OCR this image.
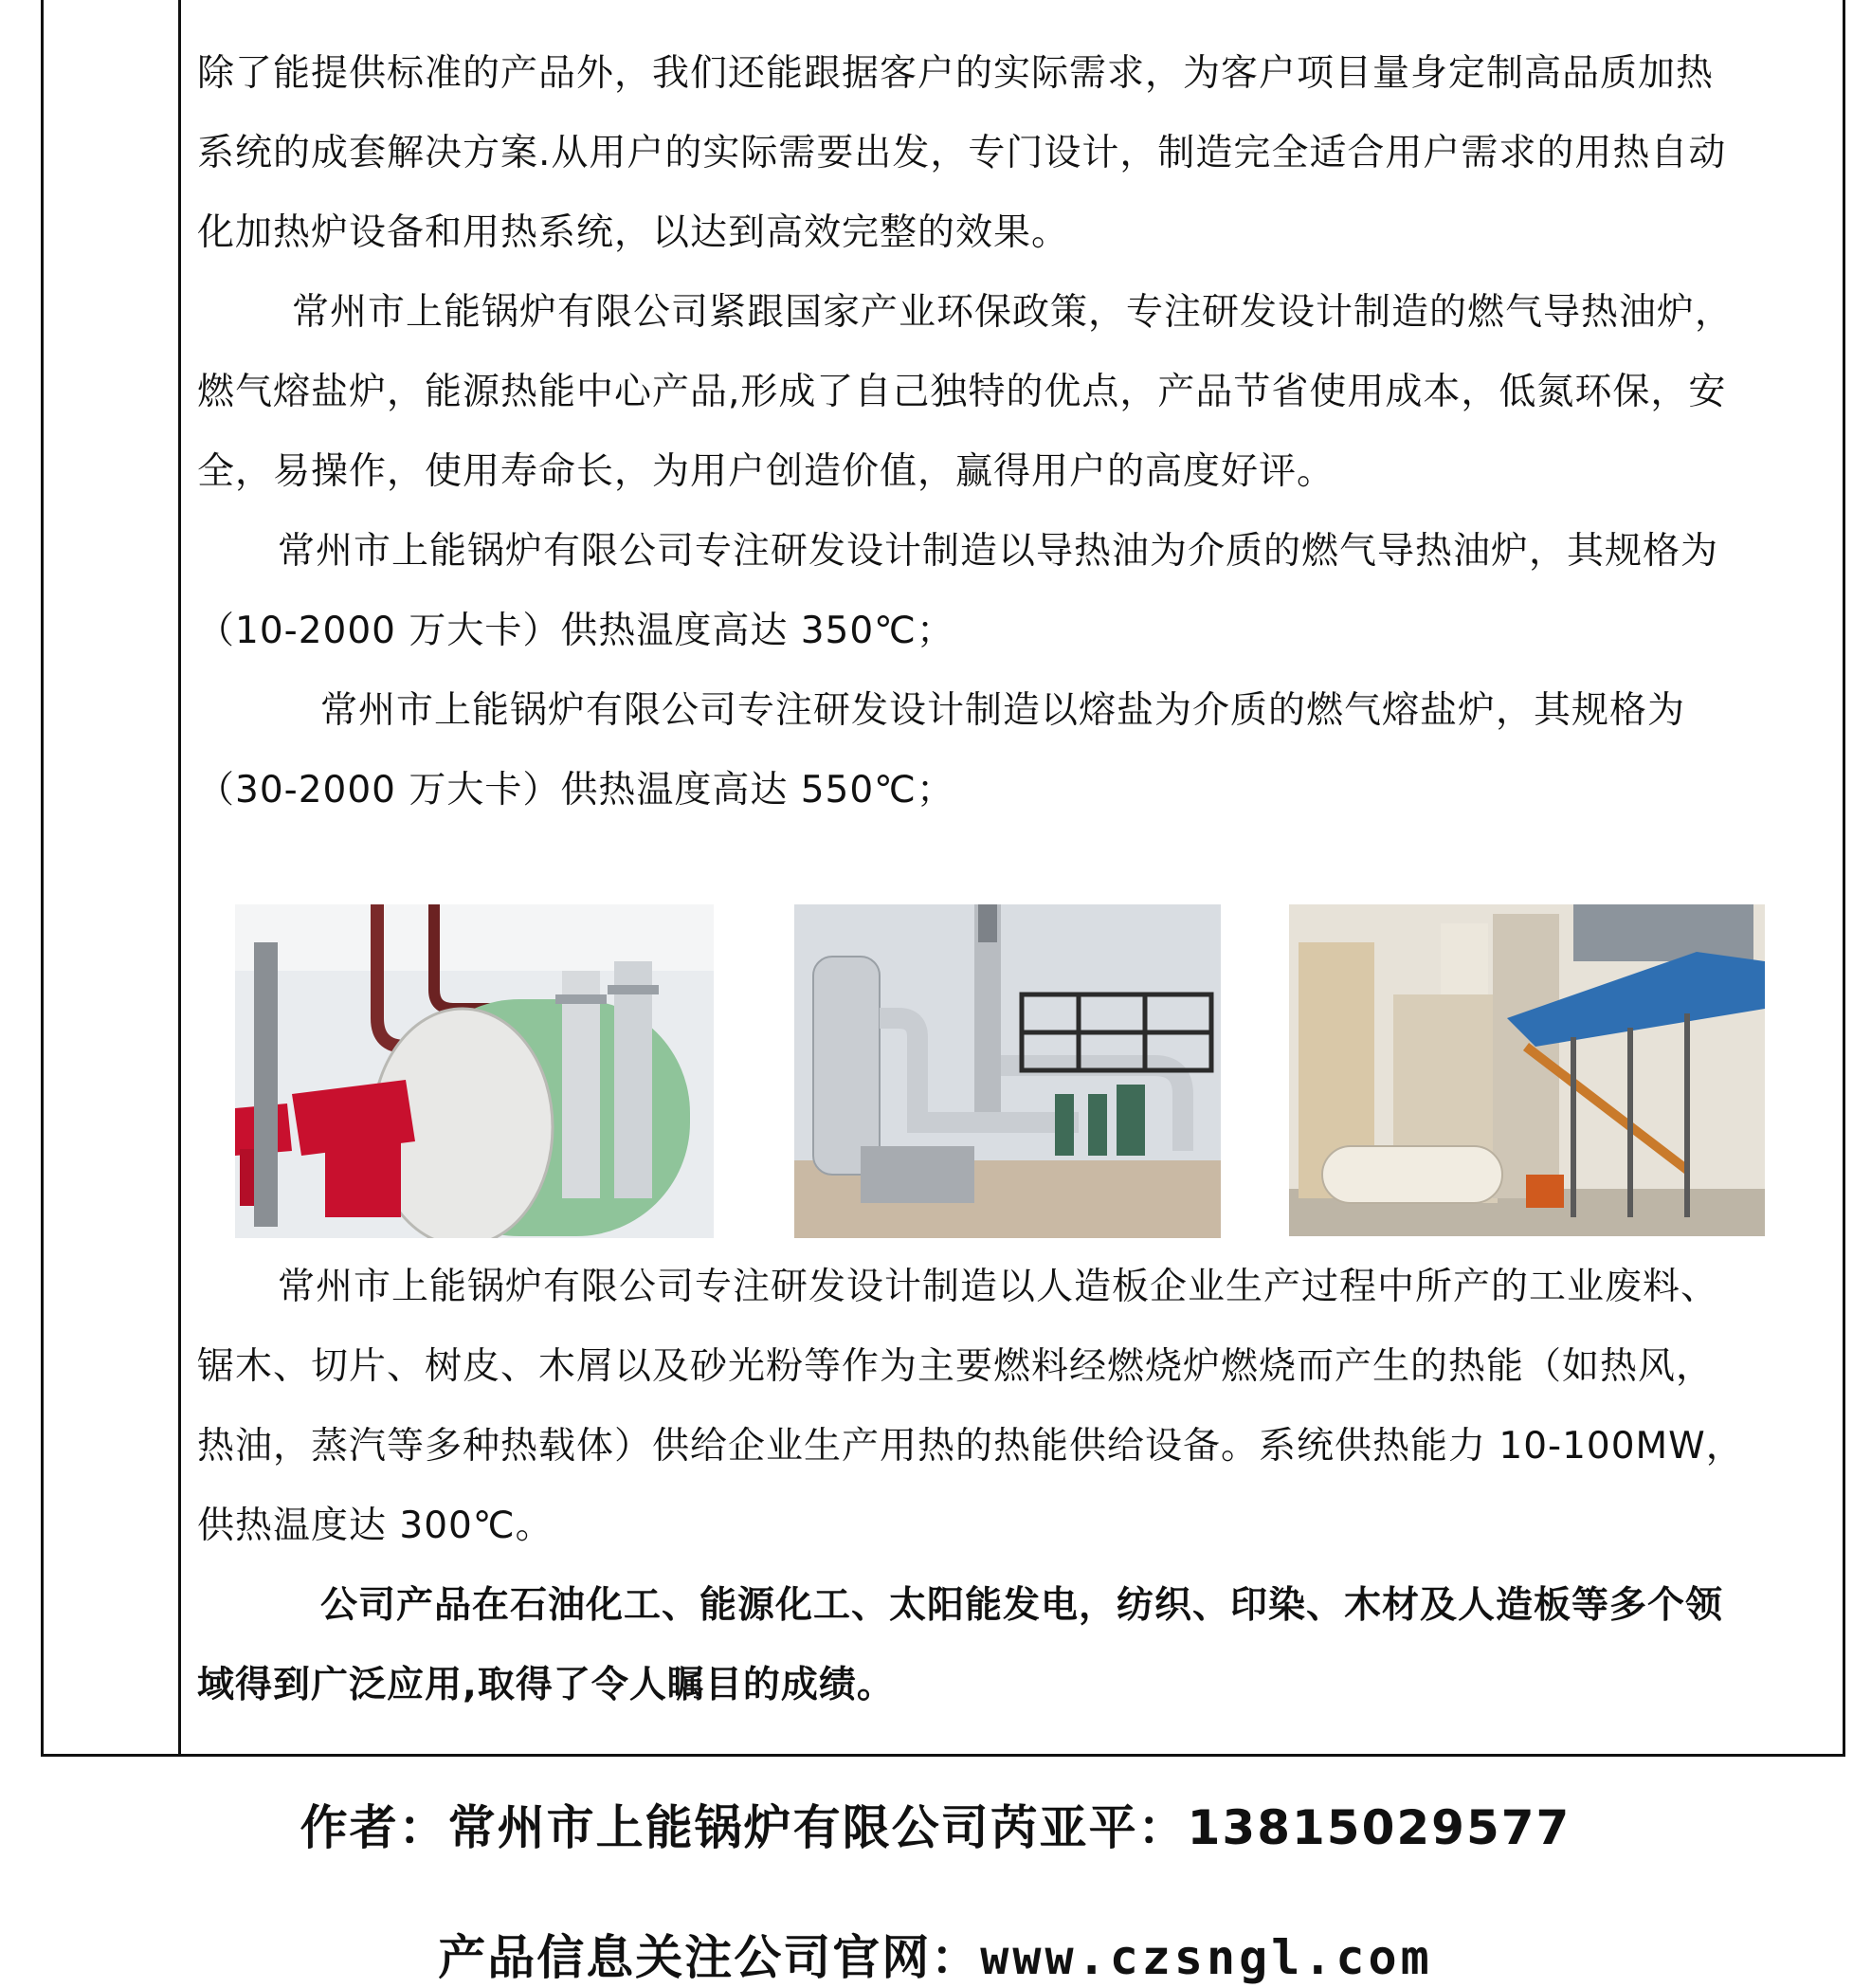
除了能提供标准的产品外，我们还能跟据客户的实际需求，为客户项目量身定制高品质加热
系统的成套解决方案.从用户的实际需要出发，专门设计，制造完全适合用户需求的用热自动
化加热炉设备和用热系统，以达到高效完整的效果。
常州市上能锅炉有限公司紧跟国家产业环保政策，专注研发设计制造的燃气导热油炉，
燃气熔盐炉，能源热能中心产品,形成了自己独特的优点，产品节省使用成本，低氮环保，安
全，易操作，使用寿命长，为用户创造价值，赢得用户的高度好评。
常州市上能锅炉有限公司专注研发设计制造以导热油为介质的燃气导热油炉，其规格为
（10-2000 万大卡）供热温度高达 350℃；
常州市上能锅炉有限公司专注研发设计制造以熔盐为介质的燃气熔盐炉，其规格为
（30-2000 万大卡）供热温度高达 550℃；
常州市上能锅炉有限公司专注研发设计制造以人造板企业生产过程中所产的工业废料、
锯木、切片、树皮、木屑以及砂光粉等作为主要燃料经燃烧炉燃烧而产生的热能（如热风，
热油，蒸汽等多种热载体）供给企业生产用热的热能供给设备。系统供热能力 10-100MW，
供热温度达 300℃。
公司产品在石油化工、能源化工、太阳能发电，纺织、印染、木材及人造板等多个领
域得到广泛应用,取得了令人瞩目的成绩。
作者：常州市上能锅炉有限公司芮亚平：13815029577
产品信息关注公司官网：www.czsngl.com
